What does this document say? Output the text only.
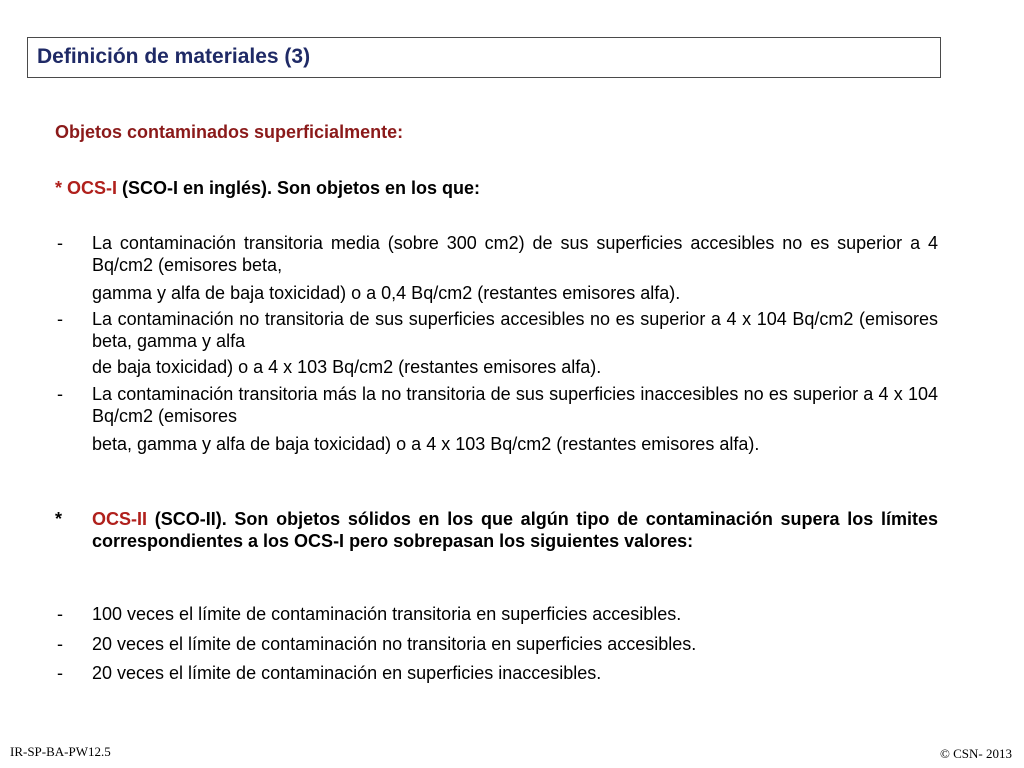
Definición de materiales (3)
Objetos contaminados superficialmente:
* OCS-I (SCO-I en inglés). Son objetos en los que:
- La contaminación transitoria media (sobre 300 cm2) de sus superficies accesibles no es superior a 4 Bq/cm2 (emisores beta,
gamma y alfa de baja toxicidad) o a 0,4 Bq/cm2 (restantes emisores alfa).
- La contaminación no transitoria de sus superficies accesibles no es superior a 4 x 104 Bq/cm2 (emisores beta, gamma y alfa
de baja toxicidad) o a 4 x 103 Bq/cm2 (restantes emisores alfa).
- La contaminación transitoria más la no transitoria de sus superficies inaccesibles no es superior a 4 x 104 Bq/cm2 (emisores
beta, gamma y alfa de baja toxicidad) o a 4 x 103 Bq/cm2 (restantes emisores alfa).
* OCS-II (SCO-II). Son objetos sólidos en los que algún tipo de contaminación supera los límites correspondientes a los OCS-I pero sobrepasan los siguientes valores:
- 100 veces el límite de contaminación transitoria en superficies accesibles.
- 20 veces el límite de contaminación no transitoria en superficies accesibles.
- 20 veces el límite de contaminación en superficies inaccesibles.
IR-SP-BA-PW12.5	© CSN- 2013
